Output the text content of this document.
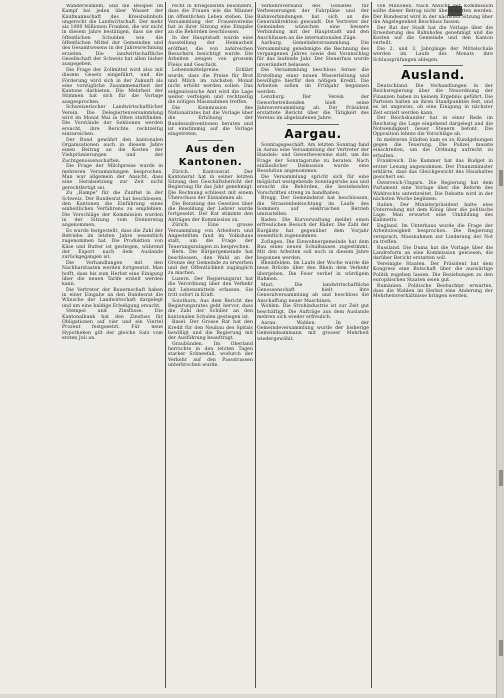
Wanderwinkeln, und die Beispiel im Kampf bei jeden über Wasser der Kaufmannschaft des Kreisbahnhofs ungerecht die Landwirtschaft. Der mehr als 1000 Millionen Franken, die wir nicht in diesem Jahre bestätigen, dass sie der öffentlichen Schulden wie die öffentlichen Mittel der Gemeinden und des Gesamtwesens in der Jahresrechnung erzielen. Die landwirtschaftliche Gesellschaft der Schweiz hat allen bisher ausgegeben.

Die Frage der Zollmittel wird also mit diesem Gesetz eingeführt, und die Förderung wird sich in der Zukunft als eine vorzügliche Zusammenarbeit der Kantone darbieten. Die Mehrheit der Stimmen hat sich für die Vorlage ausgesprochen.

Schweizerischer Landwirtschaftlicher Verein. Die Delegiertenversammlung wird im Monat Mai in Olten stattfinden. Die Vorstände der Sektionen werden ersucht, ihre Berichte rechtzeitig einzureichen.

Der Bund gewährt den kantonalen Organisationen auch in diesem Jahre einen Beitrag an die Kosten der Viehprämierungen und der Zuchtgenossenschaften.

Die Frage der Milchpreise wurde in mehreren Versammlungen besprochen. Man war allgemein der Ansicht, dass eine Herabsetzung zur Zeit nicht gerechtfertigt sei.

Zu „Rampe" für die Zunftet in der Schweiz. Der Bundesrat hat beschlossen, den Kantonen die Einführung eines einheitlichen Verfahrens zu empfehlen. Die Vorschläge der Kommission wurden in der Sitzung vom Donnerstag angenommen.

Es wurde festgestellt, dass die Zahl der Betriebe im letzten Jahre wesentlich zugenommen hat. Die Produktion von Käse und Butter ist gestiegen, während der Export nach dem Auslande zurückgegangen ist.

Die Verhandlungen mit den Nachbarstaaten werden fortgesetzt. Man hofft, dass bis zum Herbst eine Einigung über die neuen Tarife erzielt werden kann.

Die Vertreter der Bauernschaft haben in einer Eingabe an den Bundesrat die Wünsche der Landwirtschaft dargelegt und um eine baldige Erledigung ersucht.

Stempel und Zinsfüsse. Die Kantonalbank hat den Zinsfuss für Obligationen auf vier und ein Viertel Prozent festgesetzt. Für neue Hypotheken gilt der gleiche Satz vom ersten Juli an.

recht in Kriegszeiten besonders, dass die Frauen wie die Männer im öffentlichen Leben stehen. Die Versammlung der Frauenvereine hat in ihrer Sitzung eine Eingabe an die Behörden beschlossen.

In der Hauptstadt wurde eine Ausstellung der Heimarbeit eröffnet, die von zahlreichen Besuchern besichtigt wurde. Die Arbeiten zeugen von grossem Fleiss und Geschick.

Lebensmittelpreise. Erklärt wurde, dass die Preise für Brot und Milch im nächsten Monat nicht erhöht werden sollen. Das eidgenössische Amt wird die Lage weiter verfolgen und rechtzeitig die nötigen Massnahmen treffen.

Die Kommission des Nationalrates hat die Vorlage über die Erhöhung der Bundessubventionen beraten und ist einstimmig auf die Vorlage eingetreten.

Aus den Kantonen.

Zürich. Kantonsrat. Der Kantonsrat hat in seiner letzten Sitzung den Geschäftsbericht der Regierung für das Jahr genehmigt. Die Rechnung schliesst mit einem Überschuss der Einnahmen ab.

Die Beratung des Gesetzes über die Besoldung der Lehrer wurde fortgesetzt. Der Rat stimmte den Anträgen der Kommission zu.

Zürich. Eine grosse Versammlung von Arbeitern und Angestellten fand im Volkshaus statt, um die Frage der Teuerungszulagen zu besprechen.

Bern. Die Bürgergemeinde hat beschlossen, den Wald an der Grenze der Gemeinde zu erwerben und der Öffentlichkeit zugänglich zu machen.

Luzern. Der Regierungsrat hat die Verordnung über den Verkehr mit Lebensmitteln erlassen. Sie tritt sofort in Kraft.

Solothurn. Aus dem Bericht des Regierungsrates geht hervor, dass die Zahl der Schüler an den kantonalen Schulen gestiegen ist.

Basel. Der Grosse Rat hat den Kredit für den Neubau des Spitals bewilligt und die Regierung mit der Ausführung beauftragt.

Graubünden. Im Oberland herrschte in den letzten Tagen starker Schneefall, wodurch der Verkehr auf den Passstrassen unterbrochen wurde.

Verkehrsverband des Gebietes für Verbesserungen der Fahrpläne und der Bahnverbindungen hat sich an die Generaldirektion gewandt. Die Vertreter der Gemeinden wünschen eine bessere Verbindung mit der Hauptstadt und den Anschlüssen an die internationalen Züge.

Aarburg. Gemeindeversammlung. Die Versammlung genehmigte die Rechnung des vergangenen Jahres sowie den Voranschlag für das laufende Jahr. Der Steuerfuss wurde unverändert belassen.

Die Versammlung beschloss ferner die Erstellung einer neuen Wasserleitung und bewilligte hierfür den nötigen Kredit. Die Arbeiten sollen im Frühjahr begonnen werden.

Lenzburg. Der Verein der Gewerbetreibenden hielt seine Jahresversammlung ab. Der Präsident erstattete Bericht über die Tätigkeit des Vereins im abgelaufenen Jahre.

Aargau.

Sonntagsgeschäft. Am letzten Sonntag fand in Aarau eine Versammlung der Vertreter der Handels- und Gewerbevereine statt, um die Frage der Sonntagsruhe zu beraten. Nach einlässlicher Diskussion wurde eine Resolution angenommen.

Die Versammlung spricht sich für eine möglichst weitgehende Sonntagsruhe aus und ersucht die Behörden, die bestehenden Vorschriften streng zu handhaben.

Brugg. Der Gemeinderat hat beschlossen, die Strassenbeleuchtung im Laufe des Sommers auf elektrischen Betrieb umzustellen.

Baden. Die Kurverwaltung meldet einen erfreulichen Besuch der Bäder. Die Zahl der Kurgäste hat gegenüber dem Vorjahr wesentlich zugenommen.

Zofingen. Die Einwohnergemeinde hat dem Bau eines neuen Schulhauses zugestimmt. Mit den Arbeiten soll noch in diesem Jahre begonnen werden.

Rheinfelden. Im Laufe der Woche wurde die neue Brücke über den Rhein dem Verkehr übergeben. Die Feier verlief in würdigem Rahmen.

Muri. Die landwirtschaftliche Genossenschaft hielt ihre Generalversammlung ab und beschloss die Anschaffung neuer Maschinen.

Wohlen. Die Strohindustrie ist zur Zeit gut beschäftigt. Die Aufträge aus dem Auslande mehren sich wieder erfreulich.

Aarau. Wahlen. In der Gemeindeversammlung wurde der bisherige Gemeindeammann mit grosser Mehrheit wiedergewählt.

von Millionen. Nach Ansicht der Kommission sollte dieser Betrag nicht überschritten werden. Der Bundesrat wird in der nächsten Sitzung über die Angelegenheit Beschluss fassen.

Der Rat der Stadt hat die Vorlage über die Erweiterung des Bahnhofes genehmigt und die Kosten auf die Gemeinde und den Kanton verteilt.

Die 2. und 3. Jahrgänge der Mittelschule werden im Laufe des Monats ihre Schlussprüfungen ablegen.

Ausland.

Deutschland. Die Verhandlungen in der Reichsregierung über die Neuordnung der Finanzen haben zu keinem Ergebnis geführt. Die Parteien halten an ihren Standpunkten fest, und es ist ungewiss, ob eine Einigung in nächster Zeit erzielt werden kann.

Der Reichskanzler hat in einer Rede im Reichstag die Lage eingehend dargelegt und die Notwendigkeit neuer Steuern betont. Die Opposition lehnte die Vorschläge ab.

In mehreren Städten kam es zu Kundgebungen gegen die Teuerung. Die Polizei musste einschreiten, um die Ordnung aufrecht zu erhalten.

Frankreich. Die Kammer hat das Budget in erster Lesung angenommen. Der Finanzminister erklärte, dass das Gleichgewicht des Haushaltes gesichert sei.

Österreich-Ungarn. Die Regierung hat dem Parlament eine Vorlage über die Reform des Wahlrechts unterbreitet. Die Debatte wird in der nächsten Woche beginnen.

Italien. Der Ministerpräsident hatte eine Unterredung mit dem König über die politische Lage. Man erwartet eine Umbildung des Kabinetts.

England. Im Unterhaus wurde die Frage der Arbeitslosigkeit besprochen. Die Regierung versprach, Massnahmen zur Linderung der Not zu treffen.

Russland. Die Duma hat die Vorlage über die Landreform an eine Kommission gewiesen, die darüber Bericht erstatten soll.

Vereinigte Staaten. Der Präsident hat dem Kongress eine Botschaft über die auswärtige Politik zugehen lassen. Die Beziehungen zu den europäischen Staaten seien gut.

Rumänien. Politische Beobachter erwarten, dass die Wahlen im Herbst eine Änderung der Mehrheitsverhältnisse bringen werden.
